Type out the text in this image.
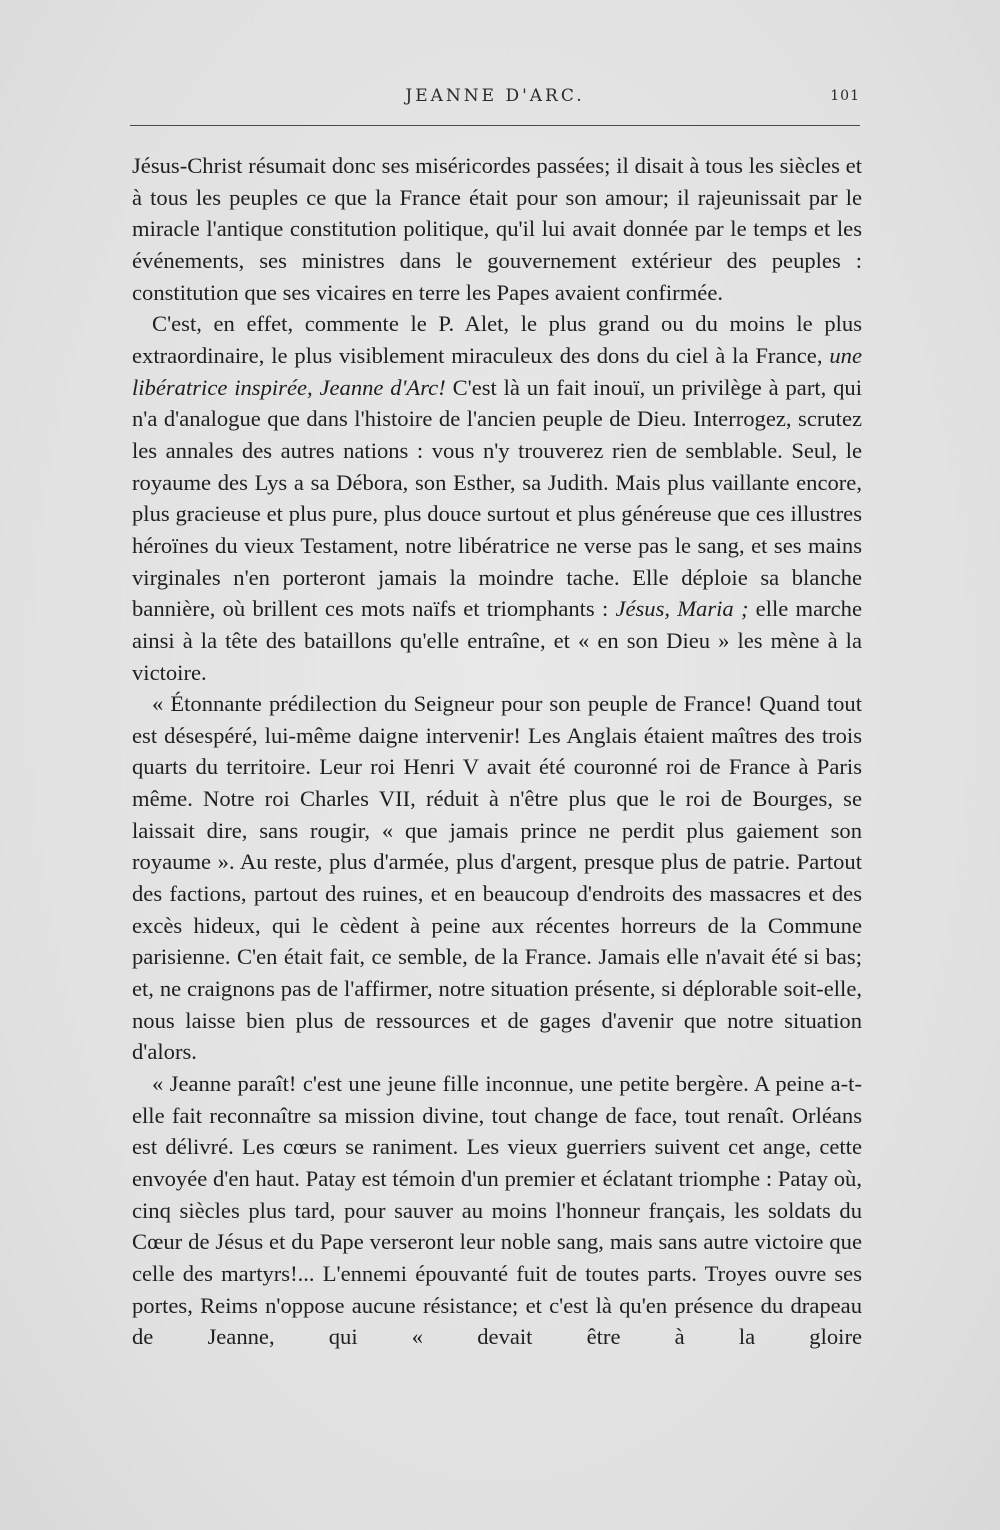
JEANNE D'ARC.	101

Jésus-Christ résumait donc ses miséricordes passées; il disait à tous les siècles et à tous les peuples ce que la France était pour son amour; il rajeunissait par le miracle l'antique constitution politique, qu'il lui avait donnée par le temps et les événements, ses ministres dans le gouvernement extérieur des peuples : constitution que ses vicaires en terre les Papes avaient confirmée.

C'est, en effet, commente le P. Alet, le plus grand ou du moins le plus extraordinaire, le plus visiblement miraculeux des dons du ciel à la France, une libératrice inspirée, Jeanne d'Arc! C'est là un fait inouï, un privilège à part, qui n'a d'analogue que dans l'histoire de l'ancien peuple de Dieu. Interrogez, scrutez les annales des autres nations : vous n'y trouverez rien de semblable. Seul, le royaume des Lys a sa Débora, son Esther, sa Judith. Mais plus vaillante encore, plus gracieuse et plus pure, plus douce surtout et plus généreuse que ces illustres héroïnes du vieux Testament, notre libératrice ne verse pas le sang, et ses mains virginales n'en porteront jamais la moindre tache. Elle déploie sa blanche bannière, où brillent ces mots naïfs et triomphants : Jésus, Maria ; elle marche ainsi à la tête des bataillons qu'elle entraîne, et « en son Dieu » les mène à la victoire.

« Étonnante prédilection du Seigneur pour son peuple de France! Quand tout est désespéré, lui-même daigne intervenir! Les Anglais étaient maîtres des trois quarts du territoire. Leur roi Henri V avait été couronné roi de France à Paris même. Notre roi Charles VII, réduit à n'être plus que le roi de Bourges, se laissait dire, sans rougir, « que jamais prince ne perdit plus gaiement son royaume ». Au reste, plus d'armée, plus d'argent, presque plus de patrie. Partout des factions, partout des ruines, et en beaucoup d'endroits des massacres et des excès hideux, qui le cèdent à peine aux récentes horreurs de la Commune parisienne. C'en était fait, ce semble, de la France. Jamais elle n'avait été si bas; et, ne craignons pas de l'affirmer, notre situation présente, si déplorable soit-elle, nous laisse bien plus de ressources et de gages d'avenir que notre situation d'alors.

« Jeanne paraît! c'est une jeune fille inconnue, une petite bergère. A peine a-t-elle fait reconnaître sa mission divine, tout change de face, tout renaît. Orléans est délivré. Les cœurs se raniment. Les vieux guerriers suivent cet ange, cette envoyée d'en haut. Patay est témoin d'un premier et éclatant triomphe : Patay où, cinq siècles plus tard, pour sauver au moins l'honneur français, les soldats du Cœur de Jésus et du Pape verseront leur noble sang, mais sans autre victoire que celle des martyrs!... L'ennemi épouvanté fuit de toutes parts. Troyes ouvre ses portes, Reims n'oppose aucune résistance; et c'est là qu'en présence du drapeau de Jeanne, qui « devait être à la gloire
